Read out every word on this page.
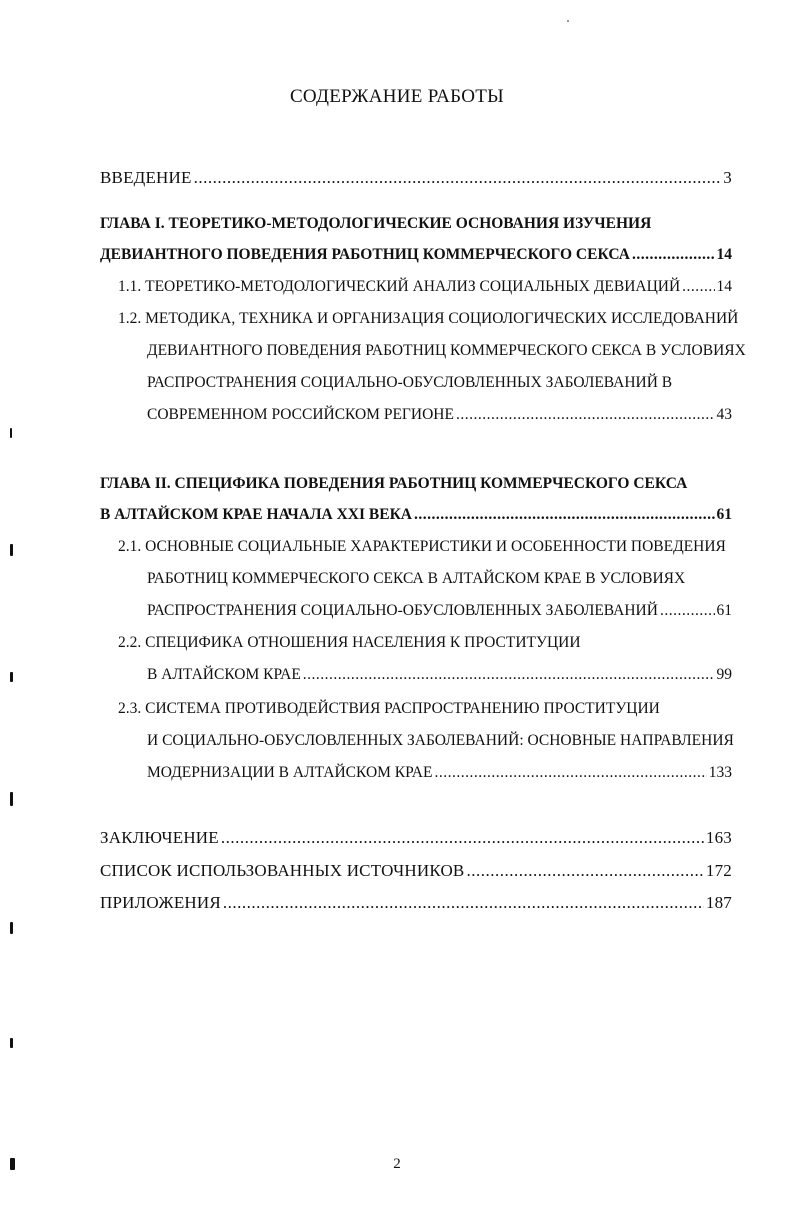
СОДЕРЖАНИЕ РАБОТЫ
ВВЕДЕНИЕ .....	3
ГЛАВА I. ТЕОРЕТИКО-МЕТОДОЛОГИЧЕСКИЕ ОСНОВАНИЯ ИЗУЧЕНИЯ
ДЕВИАНТНОГО ПОВЕДЕНИЯ РАБОТНИЦ КОММЕРЧЕСКОГО СЕКСА .....	14
1.1. ТЕОРЕТИКО-МЕТОДОЛОГИЧЕСКИЙ АНАЛИЗ СОЦИАЛЬНЫХ ДЕВИАЦИЙ ..... 14
1.2. МЕТОДИКА, ТЕХНИКА И ОРГАНИЗАЦИЯ СОЦИОЛОГИЧЕСКИХ ИССЛЕДОВАНИЙ
ДЕВИАНТНОГО ПОВЕДЕНИЯ РАБОТНИЦ КОММЕРЧЕСКОГО СЕКСА В УСЛОВИЯХ
РАСПРОСТРАНЕНИЯ СОЦИАЛЬНО-ОБУСЛОВЛЕННЫХ ЗАБОЛЕВАНИЙ В
СОВРЕМЕННОМ РОССИЙСКОМ РЕГИОНЕ .....	43
ГЛАВА II. СПЕЦИФИКА ПОВЕДЕНИЯ РАБОТНИЦ КОММЕРЧЕСКОГО СЕКСА
В АЛТАЙСКОМ КРАЕ НАЧАЛА XXI ВЕКА .....	61
2.1. ОСНОВНЫЕ СОЦИАЛЬНЫЕ ХАРАКТЕРИСТИКИ И ОСОБЕННОСТИ ПОВЕДЕНИЯ
РАБОТНИЦ КОММЕРЧЕСКОГО СЕКСА В АЛТАЙСКОМ КРАЕ В УСЛОВИЯХ
РАСПРОСТРАНЕНИЯ СОЦИАЛЬНО-ОБУСЛОВЛЕННЫХ ЗАБОЛЕВАНИЙ .....	61
2.2. СПЕЦИФИКА ОТНОШЕНИЯ НАСЕЛЕНИЯ К ПРОСТИТУЦИИ
В АЛТАЙСКОМ КРАЕ .....	99
2.3. СИСТЕМА ПРОТИВОДЕЙСТВИЯ РАСПРОСТРАНЕНИЮ ПРОСТИТУЦИИ
И СОЦИАЛЬНО-ОБУСЛОВЛЕННЫХ ЗАБОЛЕВАНИЙ: ОСНОВНЫЕ НАПРАВЛЕНИЯ
МОДЕРНИЗАЦИИ В АЛТАЙСКОМ КРАЕ .....	133
ЗАКЛЮЧЕНИЕ .....	163
СПИСОК ИСПОЛЬЗОВАННЫХ ИСТОЧНИКОВ .....	172
ПРИЛОЖЕНИЯ .....	187
2
